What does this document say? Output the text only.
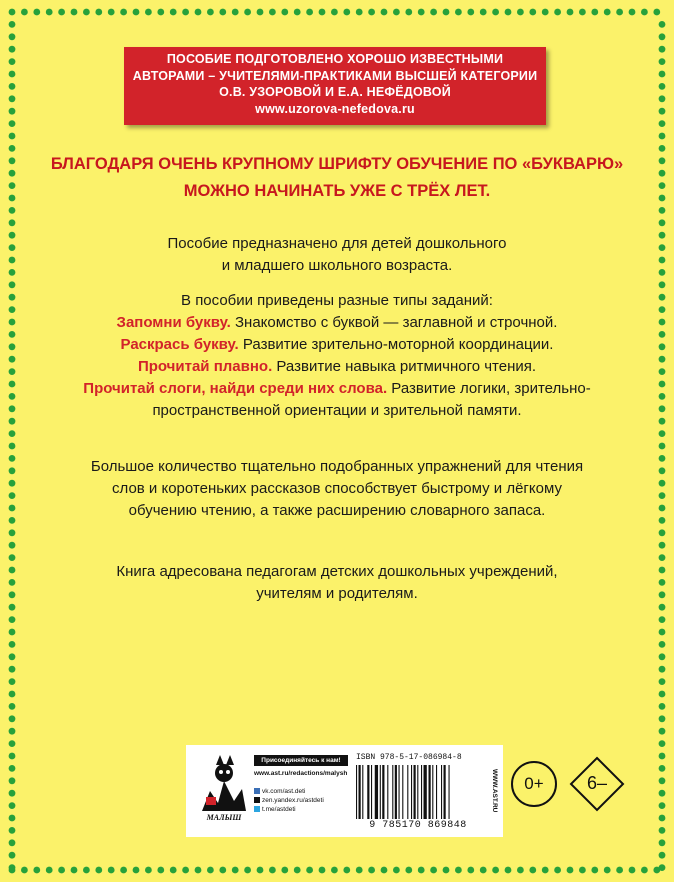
ПОСОБИЕ ПОДГОТОВЛЕНО ХОРОШО ИЗВЕСТНЫМИ
АВТОРАМИ – УЧИТЕЛЯМИ-ПРАКТИКАМИ ВЫСШЕЙ КАТЕГОРИИ
О.В. УЗОРОВОЙ И Е.А. НЕФЁДОВОЙ
www.uzorova-nefedova.ru
БЛАГОДАРЯ ОЧЕНЬ КРУПНОМУ ШРИФТУ ОБУЧЕНИЕ ПО «БУКВАРЮ»
МОЖНО НАЧИНАТЬ УЖЕ С ТРЁХ ЛЕТ.
Пособие предназначено для детей дошкольного
и младшего школьного возраста.
В пособии приведены разные типы заданий:
Запомни букву. Знакомство с буквой — заглавной и строчной.
Раскрась букву. Развитие зрительно-моторной координации.
Прочитай плавно. Развитие навыка ритмичного чтения.
Прочитай слоги, найди среди них слова. Развитие логики, зрительно-
пространственной ориентации и зрительной памяти.
Большое количество тщательно подобранных упражнений для чтения
слов и коротеньких рассказов способствует быстрому и лёгкому
обучению чтению, а также расширению словарного запаса.
Книга адресована педагогам детских дошкольных учреждений,
учителям и родителям.
МАЛЫШ
Присоединяйтесь к нам!
www.ast.ru/redactions/malysh
vk.com/ast.deti
zen.yandex.ru/astdeti
t.me/astdeti
ISBN 978-5-17-086984-8
9 785170 869848
WWW.AST.RU	0+	6–
